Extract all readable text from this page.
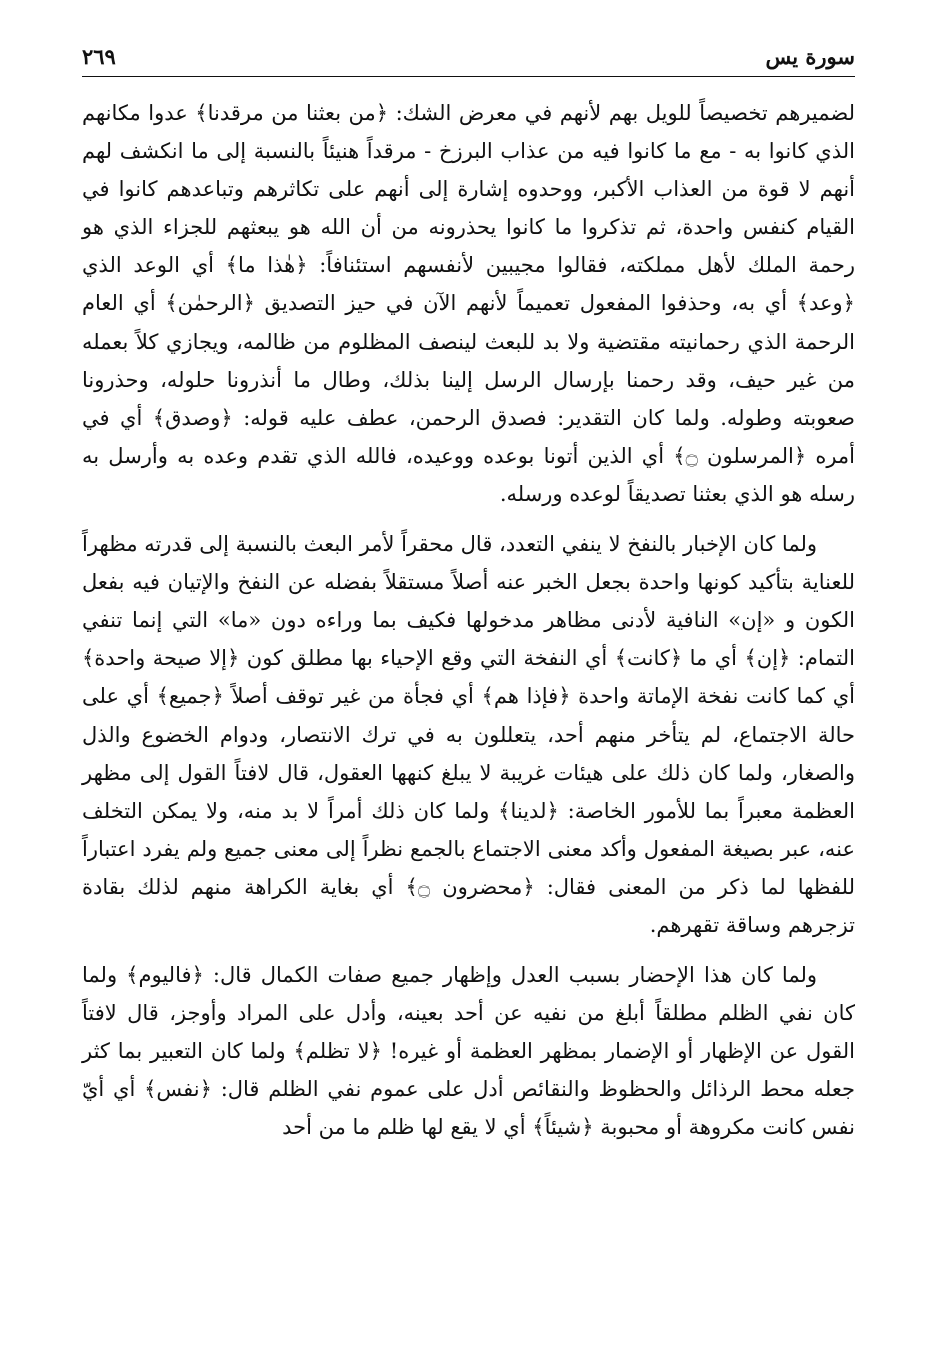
سورة يس
٢٦٩

لضميرهم تخصيصاً للويل بهم لأنهم في معرض الشك: ﴿من بعثنا من مرقدنا﴾ عدوا مكانهم الذي كانوا به - مع ما كانوا فيه من عذاب البرزخ - مرقداً هنيئاً بالنسبة إلى ما انكشف لهم أنهم لا قوة من العذاب الأكبر، ووحدوه إشارة إلى أنهم على تكاثرهم وتباعدهم كانوا في القيام كنفس واحدة، ثم تذكروا ما كانوا يحذرونه من أن الله هو يبعثهم للجزاء الذي هو رحمة الملك لأهل مملكته، فقالوا مجيبين لأنفسهم استئنافاً: ﴿هٰذا ما﴾ أي الوعد الذي ﴿وعد﴾ أي به، وحذفوا المفعول تعميماً لأنهم الآن في حيز التصديق ﴿الرحمٰن﴾ أي العام الرحمة الذي رحمانيته مقتضية ولا بد للبعث لينصف المظلوم من ظالمه، ويجازي كلاً بعمله من غير حيف، وقد رحمنا بإرسال الرسل إلينا بذلك، وطال ما أنذرونا حلوله، وحذرونا صعوبته وطوله. ولما كان التقدير: فصدق الرحمن، عطف عليه قوله: ﴿وصدق﴾ أي في أمره ﴿المرسلون ۝﴾ أي الذين أتونا بوعده ووعيده، فالله الذي تقدم وعده به وأرسل به رسله هو الذي بعثنا تصديقاً لوعده ورسله.

ولما كان الإخبار بالنفخ لا ينفي التعدد، قال محقراً لأمر البعث بالنسبة إلى قدرته مظهراً للعناية بتأكيد كونها واحدة بجعل الخبر عنه أصلاً مستقلاً بفضله عن النفخ والإتيان فيه بفعل الكون و «إن» النافية لأدنى مظاهر مدخولها فكيف بما وراءه دون «ما» التي إنما تنفي التمام: ﴿إن﴾ أي ما ﴿كانت﴾ أي النفخة التي وقع الإحياء بها مطلق كون ﴿إلا صيحة واحدة﴾ أي كما كانت نفخة الإماتة واحدة ﴿فإذا هم﴾ أي فجأة من غير توقف أصلاً ﴿جميع﴾ أي على حالة الاجتماع، لم يتأخر منهم أحد، يتعللون به في ترك الانتصار، ودوام الخضوع والذل والصغار، ولما كان ذلك على هيئات غريبة لا يبلغ كنهها العقول، قال لافتاً القول إلى مظهر العظمة معبراً بما للأمور الخاصة: ﴿لدينا﴾ ولما كان ذلك أمراً لا بد منه، ولا يمكن التخلف عنه، عبر بصيغة المفعول وأكد معنى الاجتماع بالجمع نظراً إلى معنى جميع ولم يفرد اعتباراً للفظها لما ذكر من المعنى فقال: ﴿محضرون ۝﴾ أي بغاية الكراهة منهم لذلك بقادة تزجرهم وساقة تقهرهم.

ولما كان هذا الإحضار بسبب العدل وإظهار جميع صفات الكمال قال: ﴿فاليوم﴾ ولما كان نفي الظلم مطلقاً أبلغ من نفيه عن أحد بعينه، وأدل على المراد وأوجز، قال لافتاً القول عن الإظهار أو الإضمار بمظهر العظمة أو غيره! ﴿لا تظلم﴾ ولما كان التعبير بما كثر جعله محط الرذائل والحظوظ والنقائص أدل على عموم نفي الظلم قال: ﴿نفس﴾ أي أيّ نفس كانت مكروهة أو محبوبة ﴿شيئاً﴾ أي لا يقع لها ظلم ما من أحد
